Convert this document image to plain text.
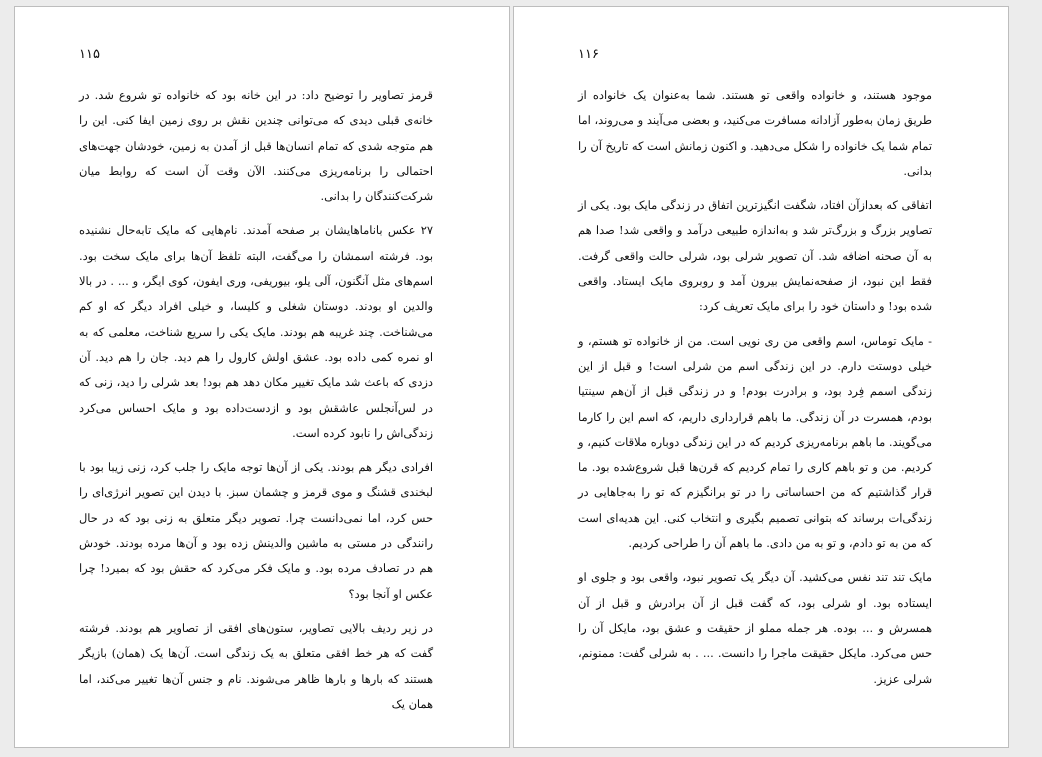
۱۱۵

قرمز تصاویر را توضیح داد: در این خانه بود که خانواده تو شروع شد. در خانه‌ی قبلی دیدی که می‌توانی چندین نقش بر روی زمین ایفا کنی. این را هم متوجه شدی که تمام انسان‌ها قبل از آمدن به زمین، خودشان جهت‌های احتمالی را برنامه‌ریزی می‌کنند. الآن وقت آن است که روابط میان شرکت‌کنندگان را بدانی.

۲۷ عکس باناماهایشان بر صفحه آمدند. نام‌هایی که مایک تابه‌حال نشنیده بود. فرشته اسمشان را می‌گفت، البته تلفظ آن‌ها برای مایک سخت بود. اسم‌های مثل آنگنون، آلی یلو، بیوریفی، وری ایفون، کوی ایگر، و ... . در بالا والدین او بودند. دوستان شغلی و کلیسا، و خیلی افراد دیگر که او کم می‌شناخت. چند غریبه هم بودند. مایک یکی را سریع شناخت، معلمی که به او نمره کمی داده بود. عشق اولش کارول را هم دید. جان را هم دید. آن دزدی که باعث شد مایک تغییر مکان دهد هم بود! بعد شرلی را دید، زنی که در لس‌آنجلس عاشقش بود و ازدست‌داده بود و مایک احساس می‌کرد زندگی‌اش را نابود کرده است.

افرادی دیگر هم بودند. یکی از آن‌ها توجه مایک را جلب کرد، زنی زیبا بود با لبخندی قشنگ و موی قرمز و چشمان سبز. با دیدن این تصویر انرژی‌ای را حس کرد، اما نمی‌دانست چرا. تصویر دیگر متعلق به زنی بود که در حال رانندگی در مستی به ماشین والدینش زده بود و آن‌ها مرده بودند. خودش هم در تصادف مرده بود. و مایک فکر می‌کرد که حقش بود که بمیرد! چرا عکس او آنجا بود؟

در زیر ردیف بالایی تصاویر، ستون‌های افقی از تصاویر هم بودند. فرشته گفت که هر خط افقی متعلق به یک زندگی است. آن‌ها یک (همان) بازیگر هستند که بارها و بارها ظاهر می‌شوند. نام و جنس آن‌ها تغییر می‌کند، اما همان یک

۱۱۶

موجود هستند، و خانواده واقعی تو هستند. شما به‌عنوان یک خانواده از طریق زمان به‌طور آزادانه مسافرت می‌کنید، و بعضی می‌آیند و می‌روند، اما تمام شما یک خانواده را شکل می‌دهید. و اکنون زمانش است که تاریخ آن را بدانی.

اتفاقی که بعدازآن افتاد، شگفت انگیزترین اتفاق در زندگی مایک بود. یکی از تصاویر بزرگ و بزرگ‌تر شد و به‌اندازه طبیعی درآمد و واقعی شد! صدا هم به آن صحنه اضافه شد. آن تصویر شرلی بود، شرلی حالت واقعی گرفت. فقط این نبود، از صفحه‌نمایش بیرون آمد و روبروی مایک ایستاد. واقعی شده بود! و داستان خود را برای مایک تعریف کرد:

- مایک توماس، اسم واقعی من ری نویی است. من از خانواده تو هستم، و خیلی دوستت دارم. در این زندگی اسم من شرلی است! و قبل از این زندگی اسمم فِرد بود، و برادرت بودم! و در زندگی قبل از آن‌هم سینتیا بودم، همسرت در آن زندگی. ما باهم قرارداری داریم، که اسم این را کارما می‌گویند. ما باهم برنامه‌ریزی کردیم که در این زندگی دوباره ملاقات کنیم، و کردیم. من و تو باهم کاری را تمام کردیم که قرن‌ها قبل شروع‌شده بود. ما قرار گذاشتیم که من احساساتی را در تو برانگیزم که تو را به‌جاهایی در زندگی‌ات برساند که بتوانی تصمیم بگیری و انتخاب کنی. این هدیه‌ای است که من به تو دادم، و تو به من دادی. ما باهم آن را طراحی کردیم.

مایک تند تند نفس می‌کشید. آن دیگر یک تصویر نبود، واقعی بود و جلوی او ایستاده بود. او شرلی بود، که گفت قبل از آن برادرش و قبل از آن همسرش و ... بوده. هر جمله مملو از حقیقت و عشق بود، مایکل آن را حس می‌کرد. مایکل حقیقت ماجرا را دانست. ... . به شرلی گفت: ممنونم، شرلی عزیز.
